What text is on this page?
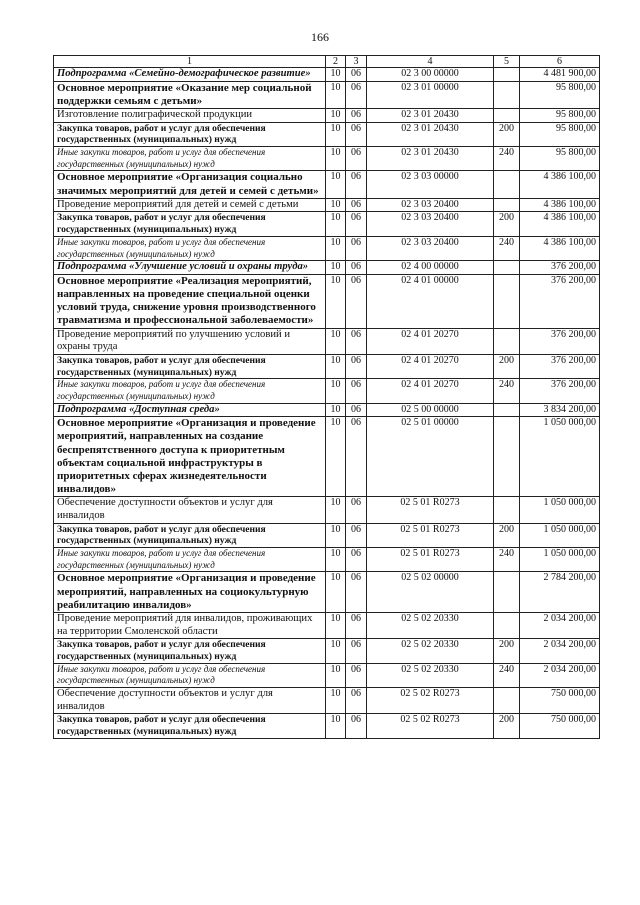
166
1	2	3	4	5	6
Подпрограмма «Семейно-демографическое развитие»	10	06	02 3 00 00000		4 481 900,00
Основное мероприятие «Оказание мер социальной поддержки семьям с детьми»	10	06	02 3 01 00000		95 800,00
Изготовление полиграфической продукции	10	06	02 3 01 20430		95 800,00
Закупка товаров, работ и услуг для обеспечения государственных (муниципальных) нужд	10	06	02 3 01 20430	200	95 800,00
Иные закупки товаров, работ и услуг для обеспечения государственных (муниципальных) нужд	10	06	02 3 01 20430	240	95 800,00
Основное мероприятие «Организация социально значимых мероприятий для детей и семей с детьми»	10	06	02 3 03 00000		4 386 100,00
Проведение мероприятий для детей и семей с детьми	10	06	02 3 03 20400		4 386 100,00
Закупка товаров, работ и услуг для обеспечения государственных (муниципальных) нужд	10	06	02 3 03 20400	200	4 386 100,00
Иные закупки товаров, работ и услуг для обеспечения государственных (муниципальных) нужд	10	06	02 3 03 20400	240	4 386 100,00
Подпрограмма «Улучшение условий и охраны труда»	10	06	02 4 00 00000		376 200,00
Основное мероприятие «Реализация мероприятий, направленных на проведение специальной оценки условий труда, снижение уровня производственного травматизма и профессиональной заболеваемости»	10	06	02 4 01 00000		376 200,00
Проведение мероприятий по улучшению условий и охраны труда	10	06	02 4 01 20270		376 200,00
Закупка товаров, работ и услуг для обеспечения государственных (муниципальных) нужд	10	06	02 4 01 20270	200	376 200,00
Иные закупки товаров, работ и услуг для обеспечения государственных (муниципальных) нужд	10	06	02 4 01 20270	240	376 200,00
Подпрограмма «Доступная среда»	10	06	02 5 00 00000		3 834 200,00
Основное мероприятие «Организация и проведение мероприятий, направленных на создание беспрепятственного доступа к приоритетным объектам социальной инфраструктуры в приоритетных сферах жизнедеятельности инвалидов»	10	06	02 5 01 00000		1 050 000,00
Обеспечение доступности объектов и услуг для инвалидов	10	06	02 5 01 R0273		1 050 000,00
Закупка товаров, работ и услуг для обеспечения государственных (муниципальных) нужд	10	06	02 5 01 R0273	200	1 050 000,00
Иные закупки товаров, работ и услуг для обеспечения государственных (муниципальных) нужд	10	06	02 5 01 R0273	240	1 050 000,00
Основное мероприятие «Организация и проведение мероприятий, направленных на социокультурную реабилитацию инвалидов»	10	06	02 5 02 00000		2 784 200,00
Проведение мероприятий для инвалидов, проживающих на территории Смоленской области	10	06	02 5 02 20330		2 034 200,00
Закупка товаров, работ и услуг для обеспечения государственных (муниципальных) нужд	10	06	02 5 02 20330	200	2 034 200,00
Иные закупки товаров, работ и услуг для обеспечения государственных (муниципальных) нужд	10	06	02 5 02 20330	240	2 034 200,00
Обеспечение доступности объектов и услуг для инвалидов	10	06	02 5 02 R0273		750 000,00
Закупка товаров, работ и услуг для обеспечения государственных (муниципальных) нужд	10	06	02 5 02 R0273	200	750 000,00
